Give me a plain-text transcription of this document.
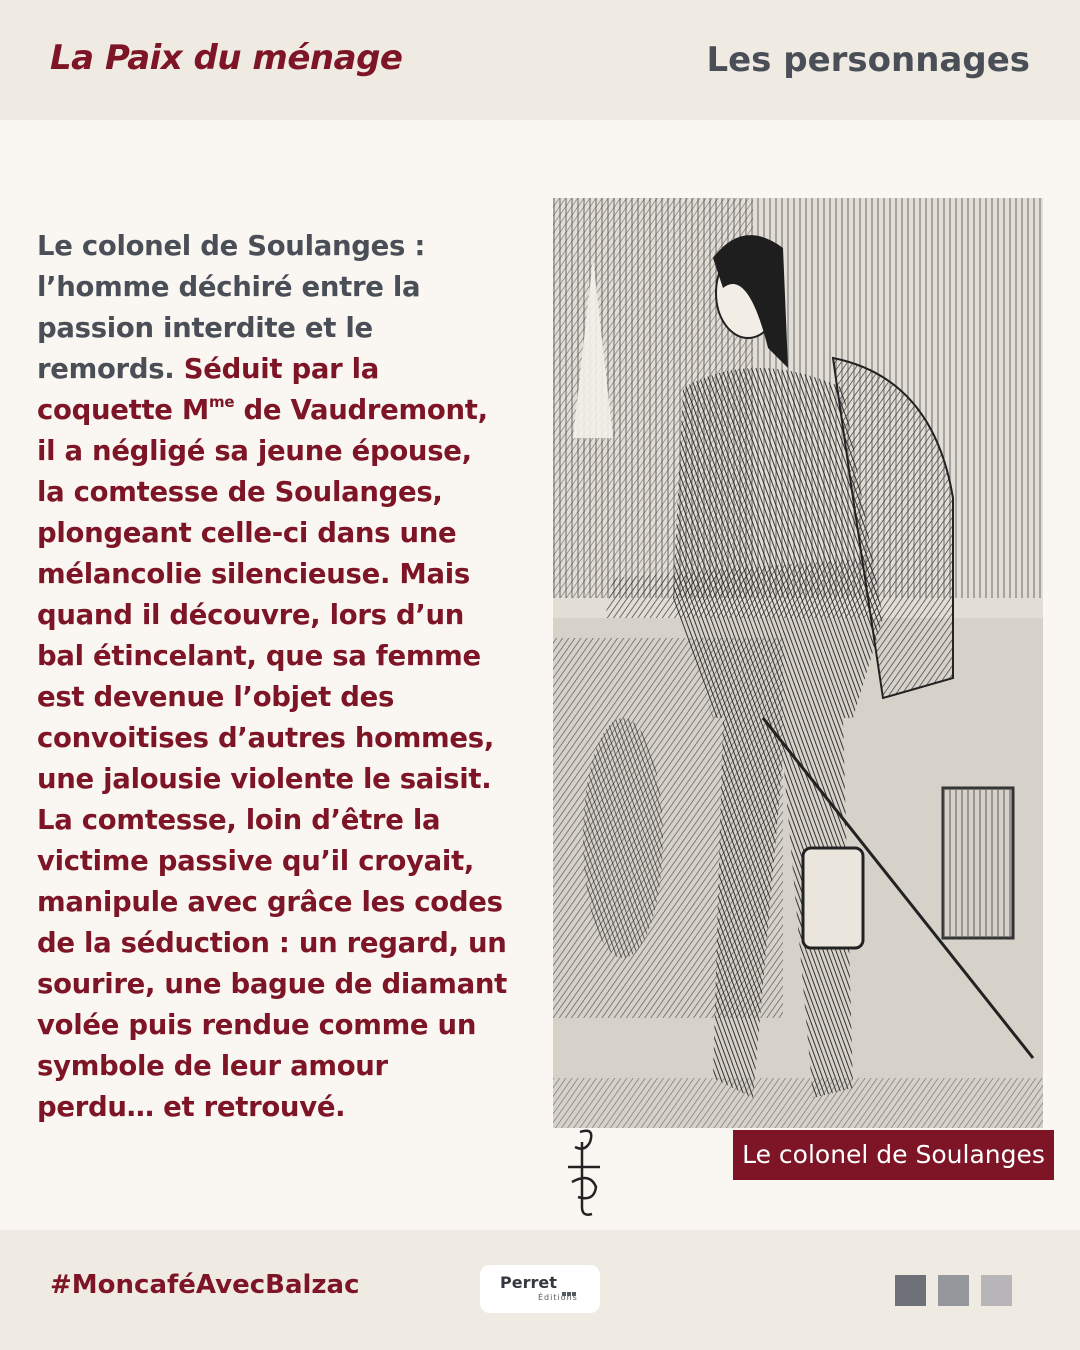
La Paix du ménage	Les personnages
Le colonel de Soulanges : l’homme déchiré entre la passion interdite et le remords. Séduit par la coquette $M^{me}$ de Vaudremont, il a négligé sa jeune épouse, la comtesse de Soulanges, plongeant celle-ci dans une mélancolie silencieuse. Mais quand il découvre, lors d’un bal étincelant, que sa femme est devenue l’objet des convoitises d’autres hommes, une jalousie violente le saisit. La comtesse, loin d’être la victime passive qu’il croyait, manipule avec grâce les codes de la séduction : un regard, un sourire, une bague de diamant volée puis rendue comme un symbole de leur amour perdu… et retrouvé.
Le colonel de Soulanges
#MoncaféAvecBalzac	Perret
Éditions
